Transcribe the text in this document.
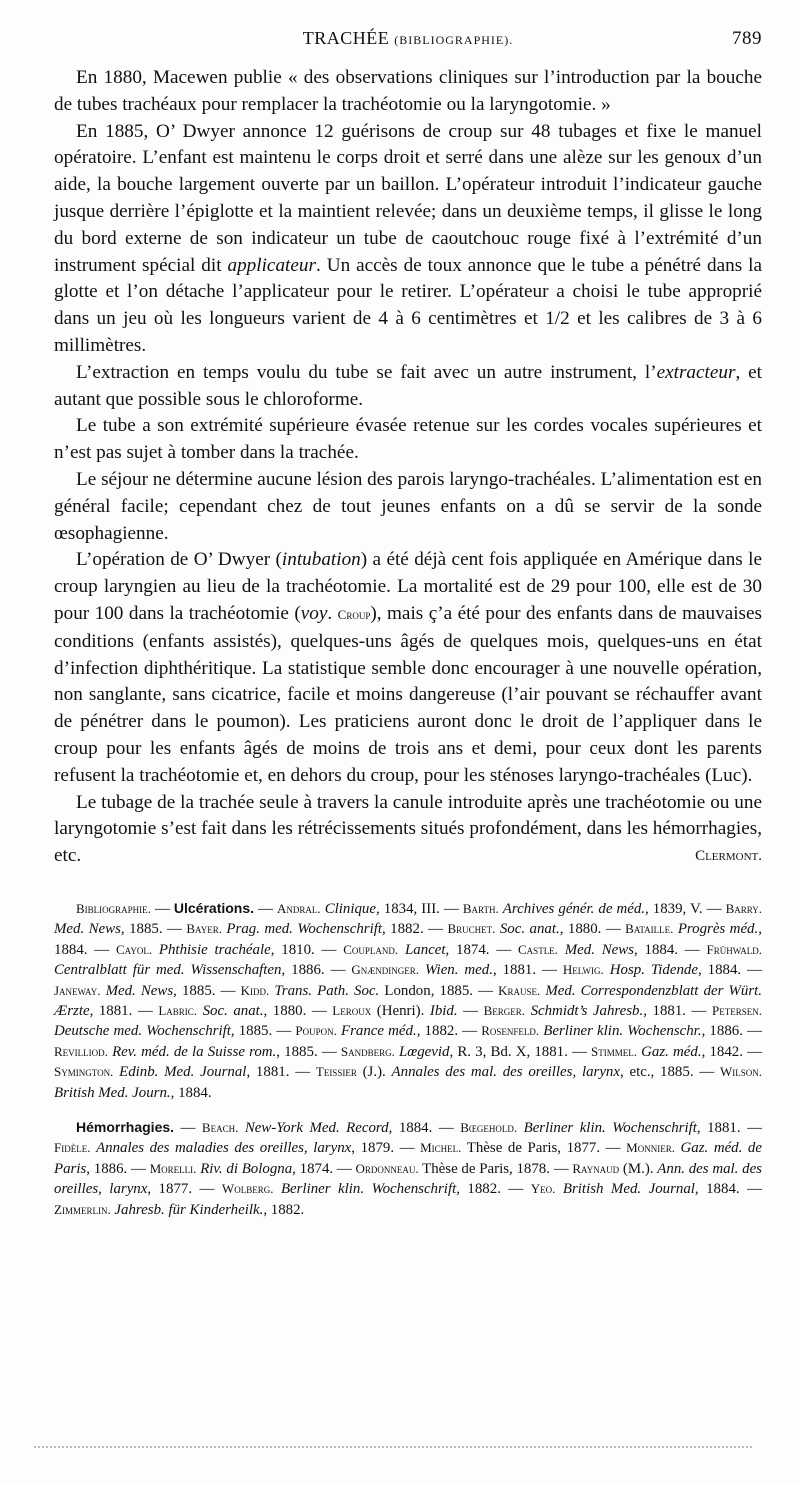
TRACHÉE (BIBLIOGRAPHIE).	789

En 1880, Macewen publie « des observations cliniques sur l’introduction par la bouche de tubes trachéaux pour remplacer la trachéotomie ou la laryngotomie. »

En 1885, O’ Dwyer annonce 12 guérisons de croup sur 48 tubages et fixe le manuel opératoire. L’enfant est maintenu le corps droit et serré dans une alèze sur les genoux d’un aide, la bouche largement ouverte par un baillon. L’opérateur introduit l’indicateur gauche jusque derrière l’épiglotte et la maintient relevée; dans un deuxième temps, il glisse le long du bord externe de son indicateur un tube de caoutchouc rouge fixé à l’extrémité d’un instrument spécial dit applicateur. Un accès de toux annonce que le tube a pénétré dans la glotte et l’on détache l’applicateur pour le retirer. L’opérateur a choisi le tube approprié dans un jeu où les longueurs varient de 4 à 6 centimètres et 1/2 et les calibres de 3 à 6 millimètres.

L’extraction en temps voulu du tube se fait avec un autre instrument, l’extracteur, et autant que possible sous le chloroforme.

Le tube a son extrémité supérieure évasée retenue sur les cordes vocales supérieures et n’est pas sujet à tomber dans la trachée.

Le séjour ne détermine aucune lésion des parois laryngo-trachéales. L’alimentation est en général facile; cependant chez de tout jeunes enfants on a dû se servir de la sonde œsophagienne.

L’opération de O’ Dwyer (intubation) a été déjà cent fois appliquée en Amérique dans le croup laryngien au lieu de la trachéotomie. La mortalité est de 29 pour 100, elle est de 30 pour 100 dans la trachéotomie (voy. Croup), mais ç’a été pour des enfants dans de mauvaises conditions (enfants assistés), quelques-uns âgés de quelques mois, quelques-uns en état d’infection diphthéritique. La statistique semble donc encourager à une nouvelle opération, non sanglante, sans cicatrice, facile et moins dangereuse (l’air pouvant se réchauffer avant de pénétrer dans le poumon). Les praticiens auront donc le droit de l’appliquer dans le croup pour les enfants âgés de moins de trois ans et demi, pour ceux dont les parents refusent la trachéotomie et, en dehors du croup, pour les sténoses laryngo-trachéales (Luc).

Le tubage de la trachée seule à travers la canule introduite après une trachéotomie ou une laryngotomie s’est fait dans les rétrécissements situés profondément, dans les hémorrhagies, etc.	Clermont.

Bibliographie. — Ulcérations. — Andral. Clinique, 1834, III. — Barth. Archives génér. de méd., 1839, V. — Barry. Med. News, 1885. — Bayer. Prag. med. Wochenschrift, 1882. — Bruchet. Soc. anat., 1880. — Bataille. Progrès méd., 1884. — Cayol. Phthisie trachéale, 1810. — Coupland. Lancet, 1874. — Castle. Med. News, 1884. — Frühwald. Centralblatt für med. Wissenschaften, 1886. — Gnændinger. Wien. med., 1881. — Helwig. Hosp. Tidende, 1884. — Janeway. Med. News, 1885. — Kidd. Trans. Path. Soc. London, 1885. — Krause. Med. Correspondenzblatt der Würt. Ærzte, 1881. — Labric. Soc. anat., 1880. — Leroux (Henri). Ibid. — Berger. Schmidt’s Jahresb., 1881. — Petersen. Deutsche med. Wochenschrift, 1885. — Poupon. France méd., 1882. — Rosenfeld. Berliner klin. Wochenschr., 1886. — Revilliod. Rev. méd. de la Suisse rom., 1885. — Sandberg. Lœgevid, R. 3, Bd. X, 1881. — Stimmel. Gaz. méd., 1842. — Symington. Edinb. Med. Journal, 1881. — Teissier (J.). Annales des mal. des oreilles, larynx, etc., 1885. — Wilson. British Med. Journ., 1884.

Hémorrhagies. — Beach. New-York Med. Record, 1884. — Bœgehold. Berliner klin. Wochenschrift, 1881. — Fidèle. Annales des maladies des oreilles, larynx, 1879. — Michel. Thèse de Paris, 1877. — Monnier. Gaz. méd. de Paris, 1886. — Morelli. Riv. di Bologna, 1874. — Ordonneau. Thèse de Paris, 1878. — Raynaud (M.). Ann. des mal. des oreilles, larynx, 1877. — Wolberg. Berliner klin. Wochenschrift, 1882. — Yeo. British Med. Journal, 1884. — Zimmerlin. Jahresb. für Kinderheilk., 1882.
